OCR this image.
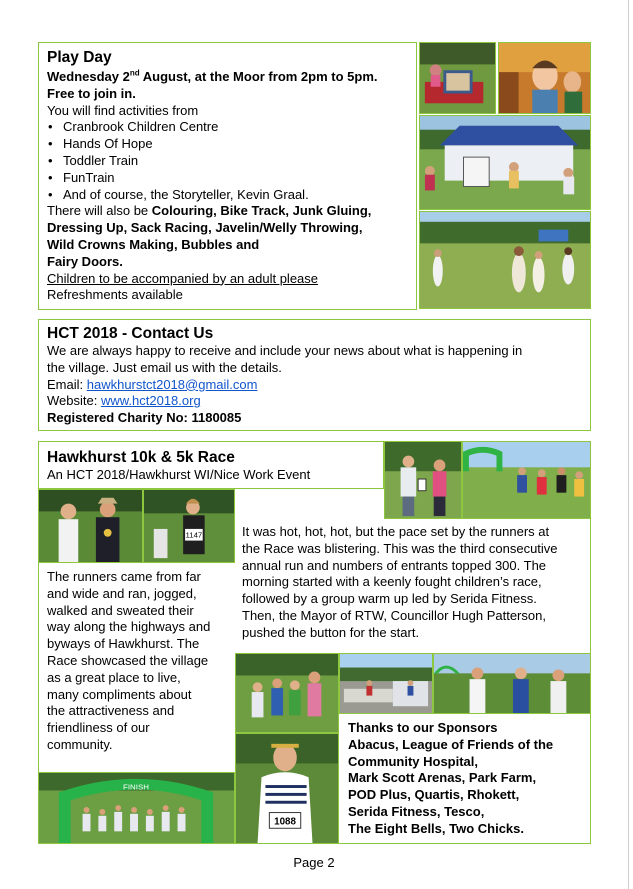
Play Day
Wednesday 2nd August, at the Moor from 2pm to 5pm.
Free to join in.
You will find activities from
• Cranbrook Children Centre
• Hands Of Hope
• Toddler Train
• FunTrain
• And of course, the Storyteller, Kevin Graal.
There will also be Colouring, Bike Track, Junk Gluing,
Dressing Up, Sack Racing, Javelin/Welly Throwing,
Wild Crowns Making, Bubbles and
Fairy Doors.
Children to be accompanied by an adult please
Refreshments available
HCT 2018 - Contact Us
We are always happy to receive and include your news about what is happening in
the village. Just email us with the details.
Email: hawkhurstct2018@gmail.com
Website: www.hct2018.org
Registered Charity No: 1180085
Hawkhurst 10k & 5k Race
An HCT 2018/Hawkhurst WI/Nice Work Event
1147	It was hot, hot, hot, but the pace set by the runners at
the Race was blistering. This was the third consecutive
annual run and numbers of entrants topped 300. The
morning started with a keenly fought children’s race,
followed by a group warm up led by Serida Fitness.
Then, the Mayor of RTW, Councillor Hugh Patterson,
pushed the button for the start.
The runners came from far
and wide and ran, jogged,
walked and sweated their
way along the highways and
byways of Hawkhurst. The
Race showcased the village
as a great place to live,
many compliments about
the attractiveness and
friendliness of our
community.
Thanks to our Sponsors
Abacus, League of Friends of the
Community Hospital,
Mark Scott Arenas, Park Farm,
POD Plus, Quartis, Rhokett,
Serida Fitness, Tesco,
The Eight Bells, Two Chicks.
FINISH
1088
Page 2
